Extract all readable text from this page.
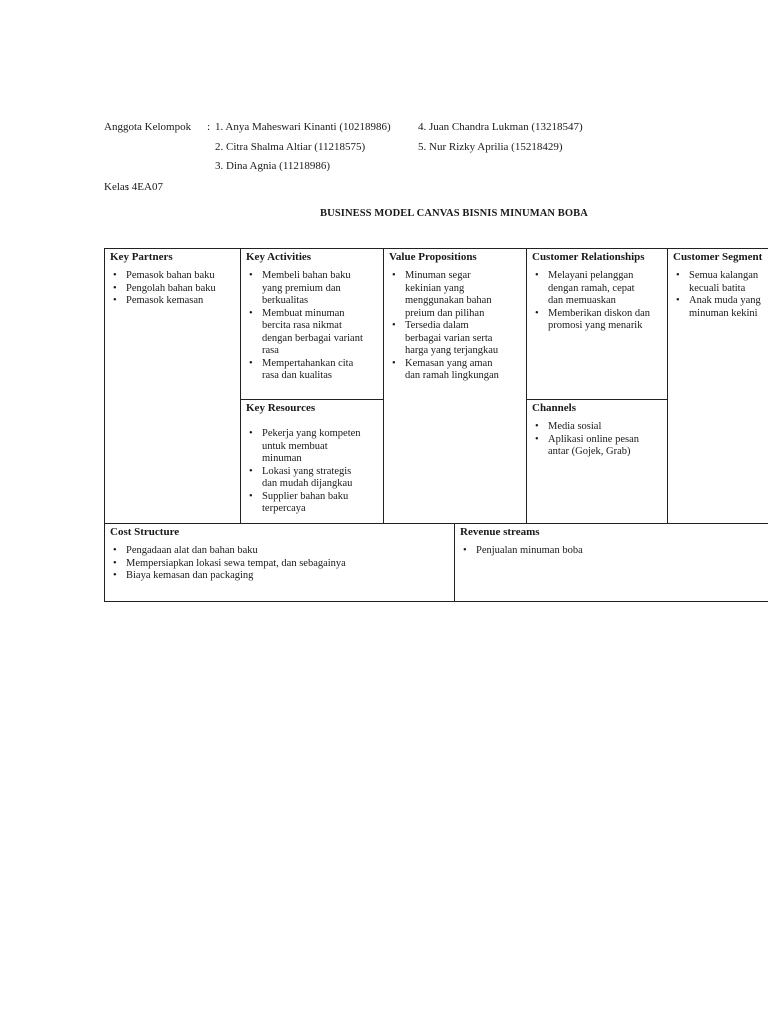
Anggota Kelompok : 1. Anya Maheswari Kinanti (10218986)
2. Citra Shalma Altiar (11218575)
3. Dina Agnia (11218986)
4. Juan Chandra Lukman (13218547)
5. Nur Rizky Aprilia (15218429)
Kelas
: 4EA07
BUSINESS MODEL CANVAS BISNIS MINUMAN BOBA
Key Partners
• Pemasok bahan baku
• Pengolah bahan baku
• Pemasok kemasan
Key Activities
• Membeli bahan baku
yang premium dan
berkualitas
• Membuat minuman
bercita rasa nikmat
dengan berbagai variant
rasa
• Mempertahankan cita
rasa dan kualitas
Key Resources
• Pekerja yang kompeten
untuk membuat
minuman
• Lokasi yang strategis
dan mudah dijangkau
• Supplier bahan baku
terpercaya
Value Propositions
• Minuman segar
kekinian yang
menggunakan bahan
preium dan pilihan
• Tersedia dalam
berbagai varian serta
harga yang terjangkau
• Kemasan yang aman
dan ramah lingkungan
Customer Relationships
• Melayani pelanggan
dengan ramah, cepat
dan memuaskan
• Memberikan diskon dan
promosi yang menarik
Channels
• Media sosial
• Aplikasi online pesan
antar (Gojek, Grab)
Customer Segment
• Semua kalangan
kecuali batita
• Anak muda yang
minuman kekini
Cost Structure
• Pengadaan alat dan bahan baku
• Mempersiapkan lokasi sewa tempat, dan sebagainya
• Biaya kemasan dan packaging
Revenue streams
• Penjualan minuman boba
